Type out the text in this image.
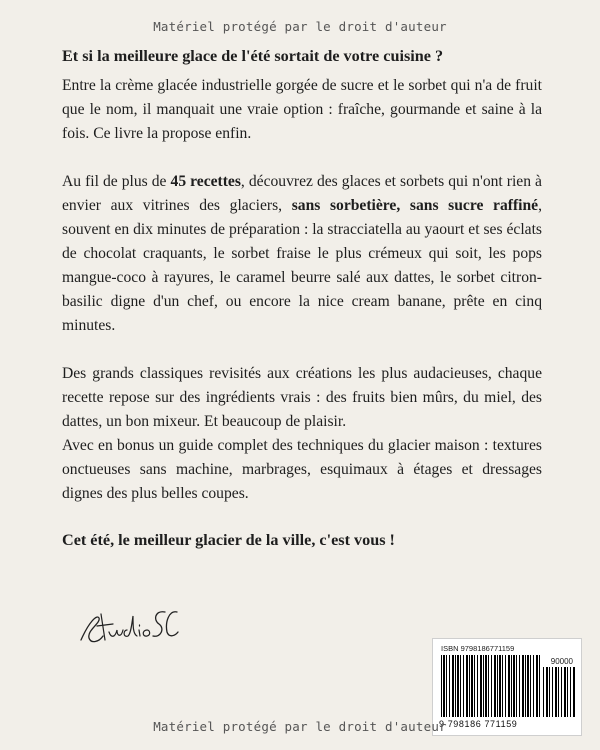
Matériel protégé par le droit d'auteur

Et si la meilleure glace de l'été sortait de votre cuisine ?

Entre la crème glacée industrielle gorgée de sucre et le sorbet qui n'a de fruit que le nom, il manquait une vraie option : fraîche, gourmande et saine à la fois. Ce livre la propose enfin.

Au fil de plus de 45 recettes, découvrez des glaces et sorbets qui n'ont rien à envier aux vitrines des glaciers, sans sorbetière, sans sucre raffiné, souvent en dix minutes de préparation : la stracciatella au yaourt et ses éclats de chocolat craquants, le sorbet fraise le plus crémeux qui soit, les pops mangue-coco à rayures, le caramel beurre salé aux dattes, le sorbet citron-basilic digne d'un chef, ou encore la nice cream banane, prête en cinq minutes.

Des grands classiques revisités aux créations les plus audacieuses, chaque recette repose sur des ingrédients vrais : des fruits bien mûrs, du miel, des dattes, un bon mixeur. Et beaucoup de plaisir.

Avec en bonus un guide complet des techniques du glacier maison : textures onctueuses sans machine, marbrages, esquimaux à étages et dressages dignes des plus belles coupes.

Cet été, le meilleur glacier de la ville, c'est vous !

ISBN 9798186771159
90000
9 798186 771159
Matériel protégé par le droit d'auteur
